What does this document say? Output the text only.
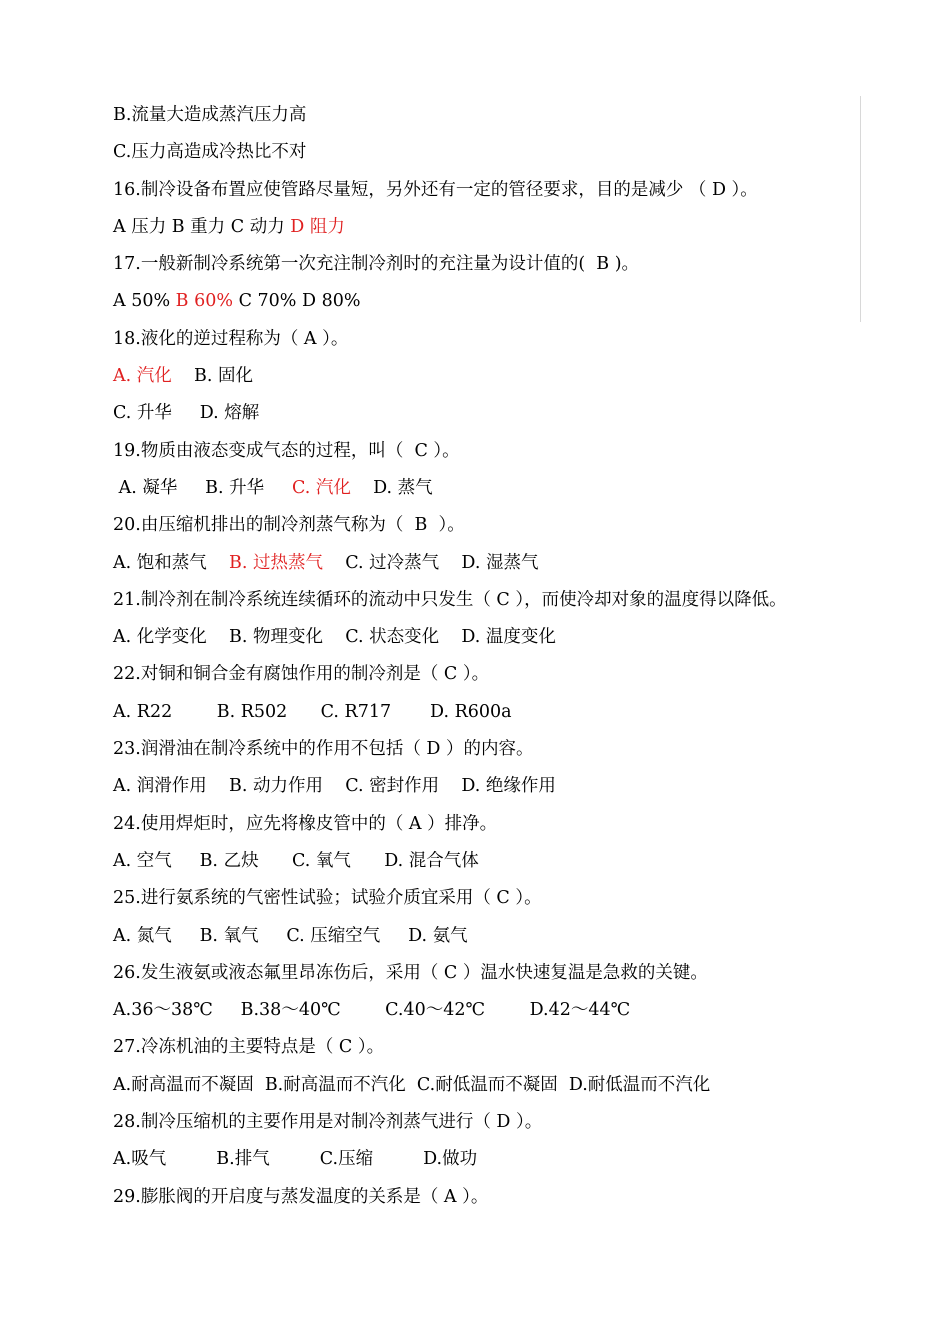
B.流量大造成蒸汽压力高
C.压力高造成冷热比不对
16.制冷设备布置应使管路尽量短，另外还有一定的管径要求，目的是减少 （ D ）。
A 压力 B 重力 C 动力 D 阻力
17.一般新制冷系统第一次充注制冷剂时的充注量为设计值的(  B )。
A 50% B 60% C 70% D 80%
18.液化的逆过程称为（ A ）。
A. 汽化    B. 固化
C. 升华     D. 熔解
19.物质由液态变成气态的过程，叫（  C ）。
A. 凝华     B. 升华     C. 汽化    D. 蒸气
20.由压缩机排出的制冷剂蒸气称为（  B  ）。
A. 饱和蒸气    B. 过热蒸气    C. 过冷蒸气    D. 湿蒸气
21.制冷剂在制冷系统连续循环的流动中只发生（ C ），而使冷却对象的温度得以降低。
A. 化学变化    B. 物理变化    C. 状态变化    D. 温度变化
22.对铜和铜合金有腐蚀作用的制冷剂是（ C ）。
A. R22        B. R502      C. R717       D. R600a
23.润滑油在制冷系统中的作用不包括（ D ）的内容。
A. 润滑作用    B. 动力作用    C. 密封作用    D. 绝缘作用
24.使用焊炬时，应先将橡皮管中的（ A ）排净。
A. 空气     B. 乙炔      C. 氧气      D. 混合气体
25.进行氨系统的气密性试验；试验介质宜采用（ C ）。
A. 氮气     B. 氧气     C. 压缩空气     D. 氨气
26.发生液氨或液态氟里昂冻伤后，采用（ C ）温水快速复温是急救的关键。
A.36～38℃     B.38～40℃        C.40～42℃        D.42～44℃
27.冷冻机油的主要特点是（ C ）。
A.耐高温而不凝固  B.耐高温而不汽化  C.耐低温而不凝固  D.耐低温而不汽化
28.制冷压缩机的主要作用是对制冷剂蒸气进行（ D ）。
A.吸气         B.排气         C.压缩         D.做功
29.膨胀阀的开启度与蒸发温度的关系是（ A ）。
